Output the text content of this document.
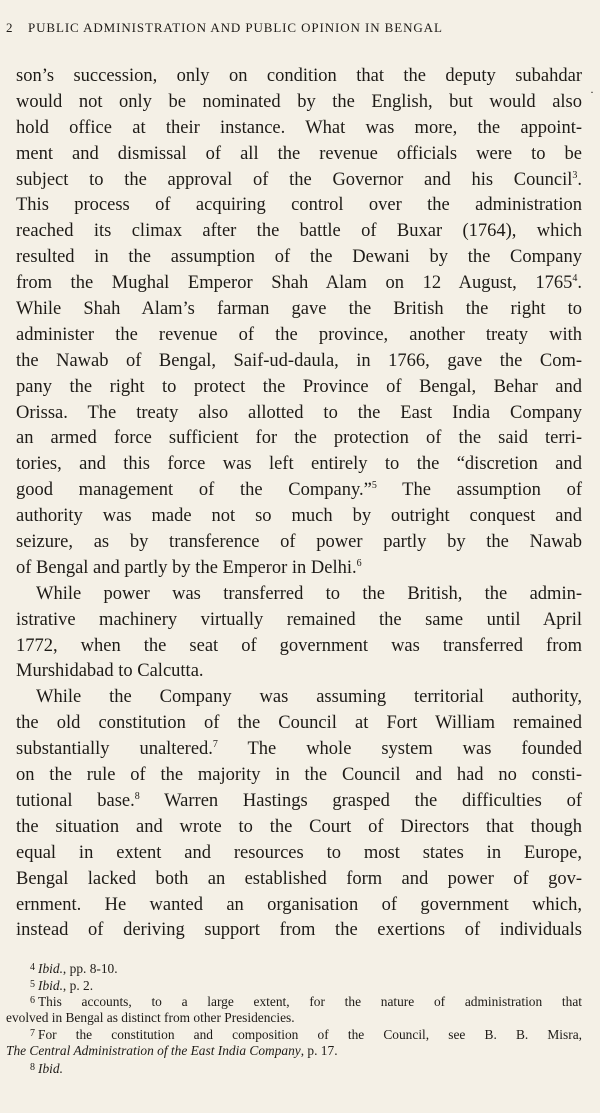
2 PUBLIC ADMINISTRATION AND PUBLIC OPINION IN BENGAL
·
son’s succession, only on condition that the deputy subahdar
would not only be nominated by the English, but would also
hold office at their instance. What was more, the appoint-
ment and dismissal of all the revenue officials were to be
subject to the approval of the Governor and his Council$^3$.
This process of acquiring control over the administration
reached its climax after the battle of Buxar (1764), which
resulted in the assumption of the Dewani by the Company
from the Mughal Emperor Shah Alam on 12 August, 1765$^4$.
While Shah Alam’s farman gave the British the right to
administer the revenue of the province, another treaty with
the Nawab of Bengal, Saif-ud-daula, in 1766, gave the Com-
pany the right to protect the Province of Bengal, Behar and
Orissa. The treaty also allotted to the East India Company
an armed force sufficient for the protection of the said terri-
tories, and this force was left entirely to the “discretion and
good management of the Company.”$^5$ The assumption of
authority was made not so much by outright conquest and
seizure, as by transference of power partly by the Nawab
of Bengal and partly by the Emperor in Delhi.$^6$
While power was transferred to the British, the admin-
istrative machinery virtually remained the same until April
1772, when the seat of government was transferred from
Murshidabad to Calcutta.
While the Company was assuming territorial authority,
the old constitution of the Council at Fort William remained
substantially unaltered.$^7$ The whole system was founded
on the rule of the majority in the Council and had no consti-
tutional base.$^8$ Warren Hastings grasped the difficulties of
the situation and wrote to the Court of Directors that though
equal in extent and resources to most states in Europe,
Bengal lacked both an established form and power of gov-
ernment. He wanted an organisation of government which,
instead of deriving support from the exertions of individuals
$^4$ Ibid., pp. 8-10.
$^5$ Ibid., p. 2.
$^6$ This accounts, to a large extent, for the nature of administration that
evolved in Bengal as distinct from other Presidencies.
$^7$ For the constitution and composition of the Council, see B. B. Misra,
The Central Administration of the East India Company, p. 17.
$^8$ Ibid.
